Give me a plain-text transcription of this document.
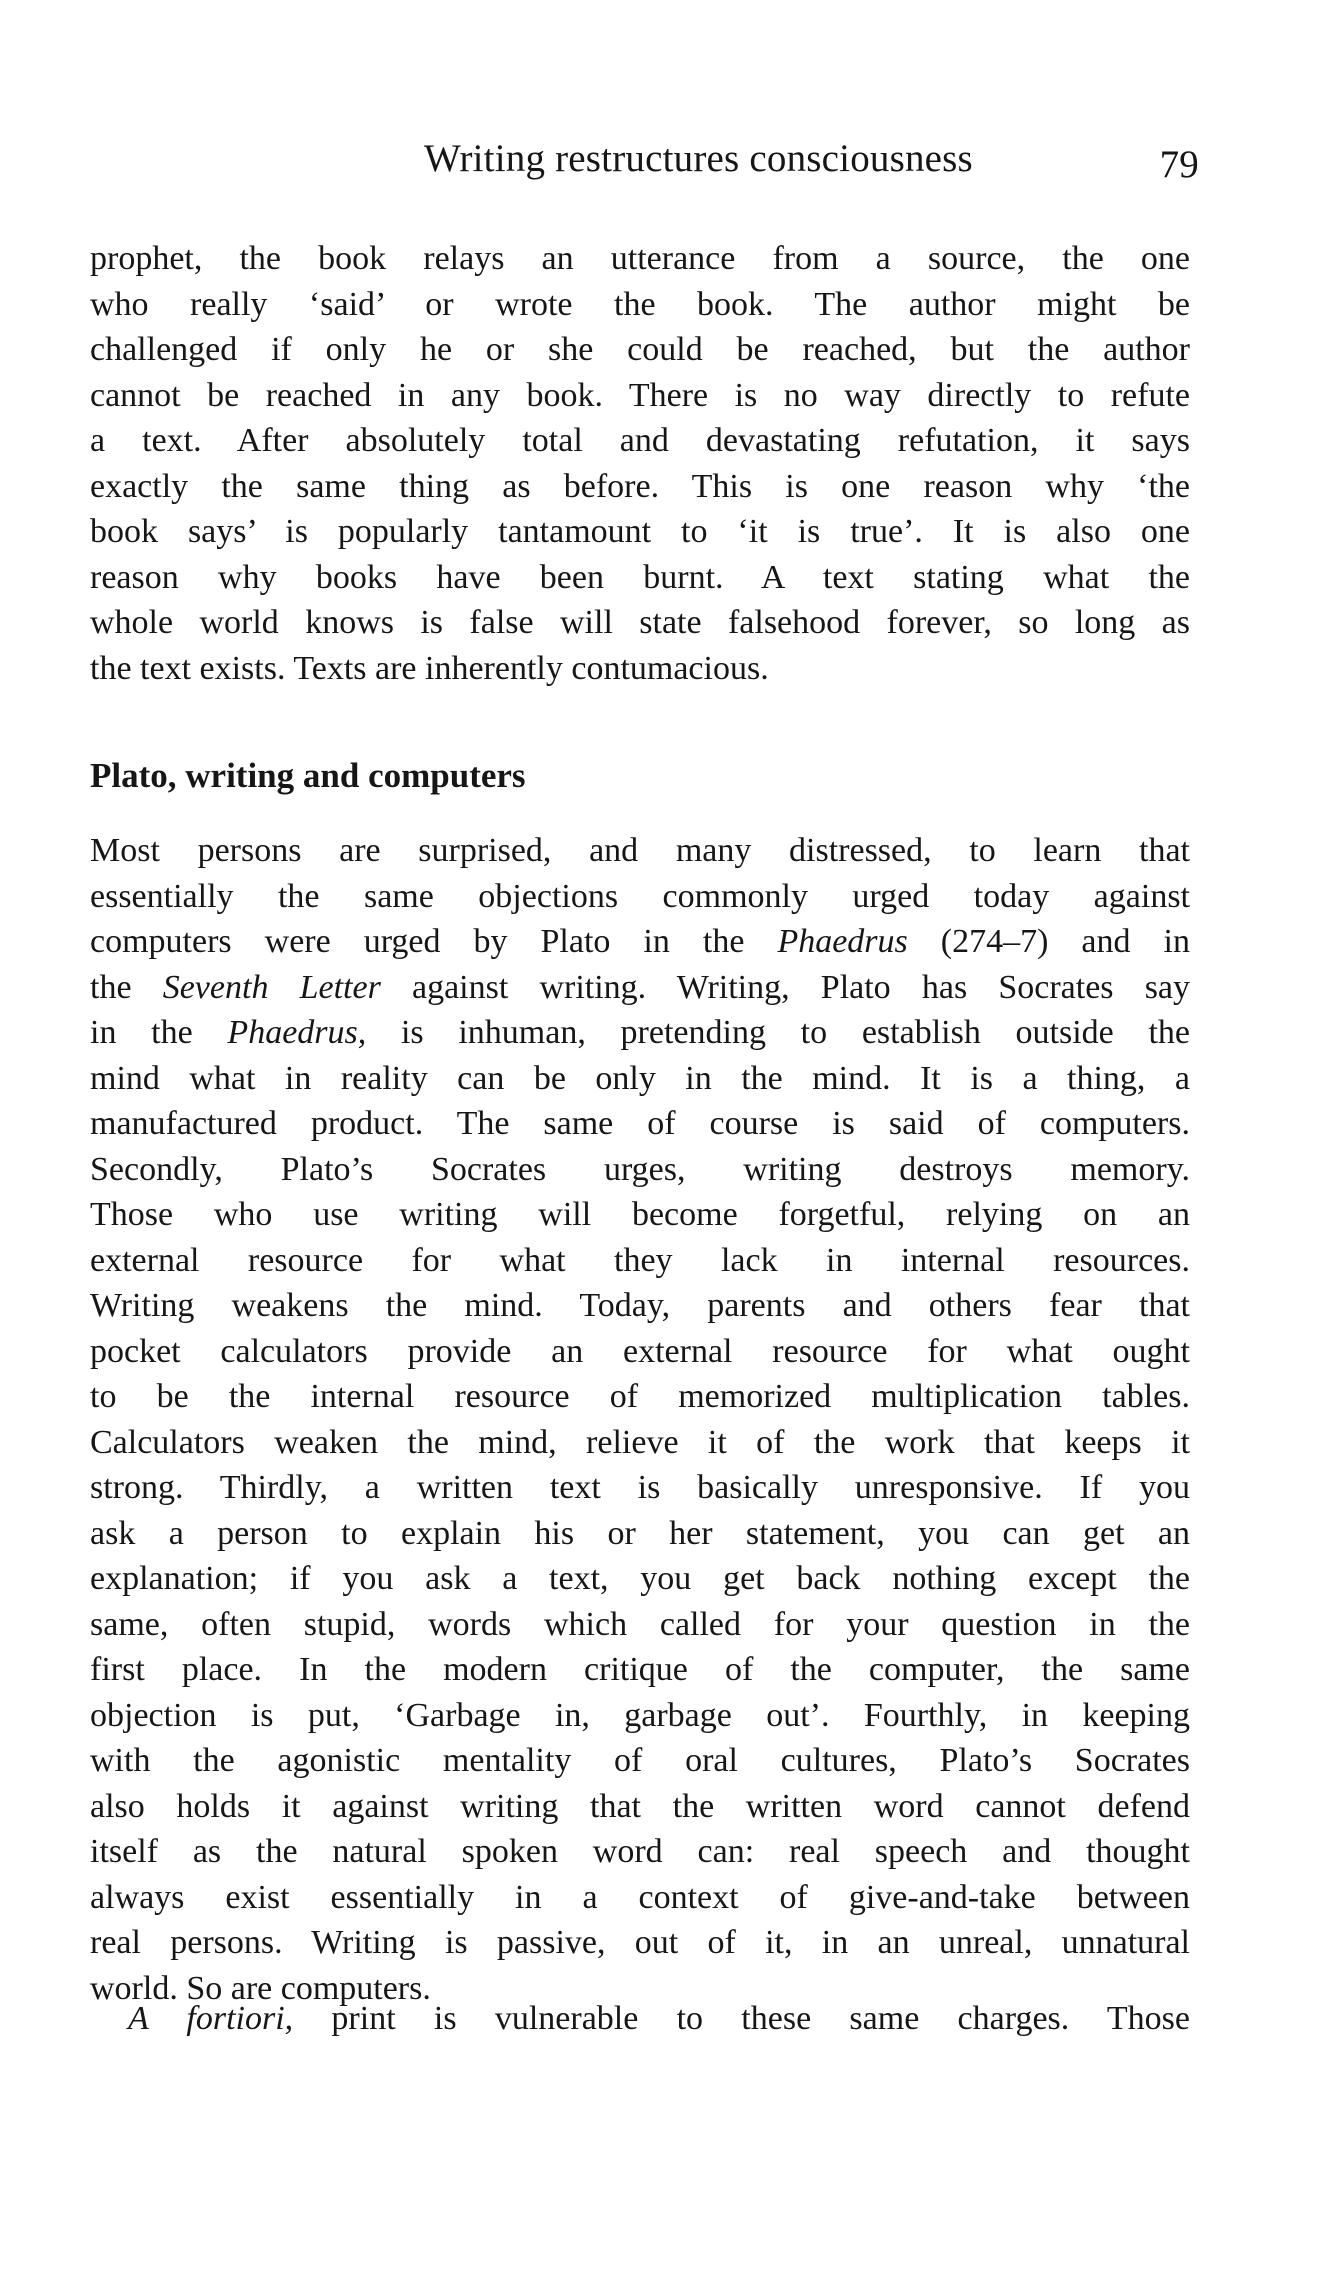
Writing restructures consciousness	79
prophet, the book relays an utterance from a source, the one
who really ‘said’ or wrote the book. The author might be
challenged if only he or she could be reached, but the author
cannot be reached in any book. There is no way directly to refute
a text. After absolutely total and devastating refutation, it says
exactly the same thing as before. This is one reason why ‘the
book says’ is popularly tantamount to ‘it is true’. It is also one
reason why books have been burnt. A text stating what the
whole world knows is false will state falsehood forever, so long as
the text exists. Texts are inherently contumacious.
Plato, writing and computers
Most persons are surprised, and many distressed, to learn that
essentially the same objections commonly urged today against
computers were urged by Plato in the Phaedrus (274–7) and in
the Seventh Letter against writing. Writing, Plato has Socrates say
in the Phaedrus, is inhuman, pretending to establish outside the
mind what in reality can be only in the mind. It is a thing, a
manufactured product. The same of course is said of computers.
Secondly, Plato’s Socrates urges, writing destroys memory.
Those who use writing will become forgetful, relying on an
external resource for what they lack in internal resources.
Writing weakens the mind. Today, parents and others fear that
pocket calculators provide an external resource for what ought
to be the internal resource of memorized multiplication tables.
Calculators weaken the mind, relieve it of the work that keeps it
strong. Thirdly, a written text is basically unresponsive. If you
ask a person to explain his or her statement, you can get an
explanation; if you ask a text, you get back nothing except the
same, often stupid, words which called for your question in the
first place. In the modern critique of the computer, the same
objection is put, ‘Garbage in, garbage out’. Fourthly, in keeping
with the agonistic mentality of oral cultures, Plato’s Socrates
also holds it against writing that the written word cannot defend
itself as the natural spoken word can: real speech and thought
always exist essentially in a context of give-and-take between
real persons. Writing is passive, out of it, in an unreal, unnatural
world. So are computers.
A fortiori, print is vulnerable to these same charges. Those
